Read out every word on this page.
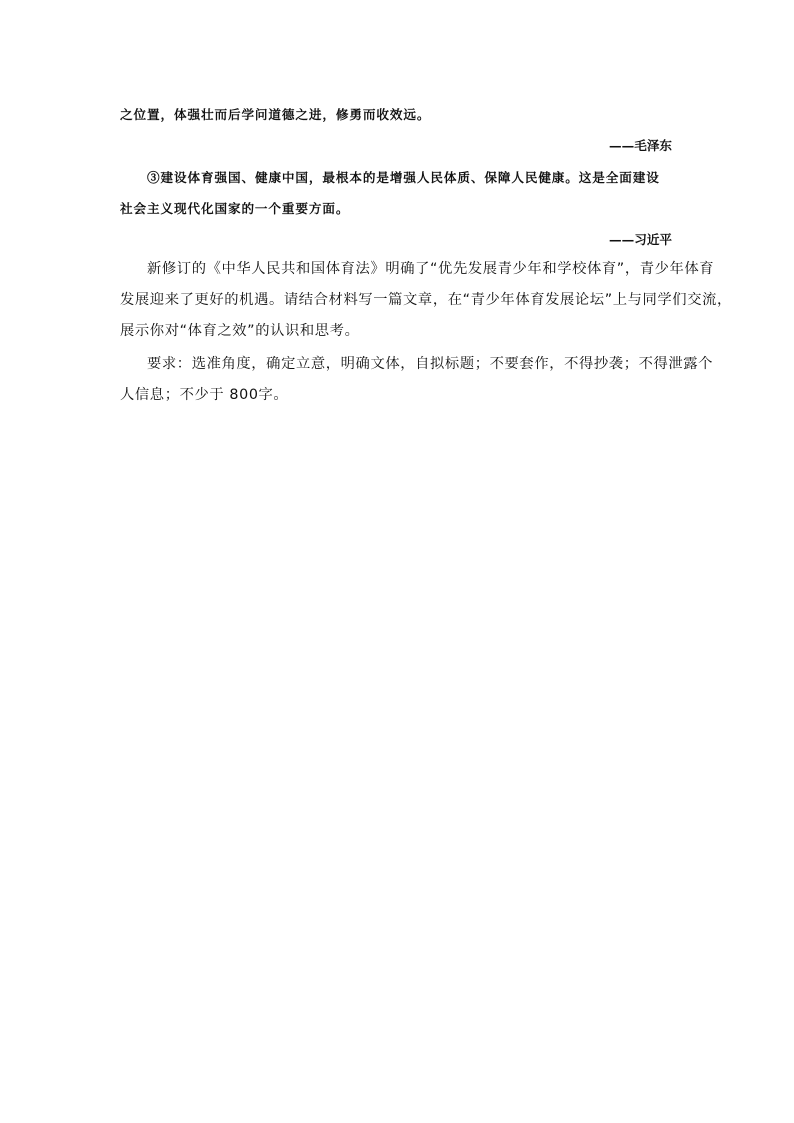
之位置，体强壮而后学问道德之进，修勇而收效远。
——毛泽东
③建设体育强国、健康中国，最根本的是增强人民体质、保障人民健康。这是全面建设
社会主义现代化国家的一个重要方面。
——习近平
新修订的《中华人民共和国体育法》明确了“优先发展青少年和学校体育”，青少年体育
发展迎来了更好的机遇。请结合材料写一篇文章，在“青少年体育发展论坛”上与同学们交流，
展示你对“体育之效”的认识和思考。
要求：选准角度，确定立意，明确文体，自拟标题；不要套作，不得抄袭；不得泄露个
人信息；不少于 800字。
